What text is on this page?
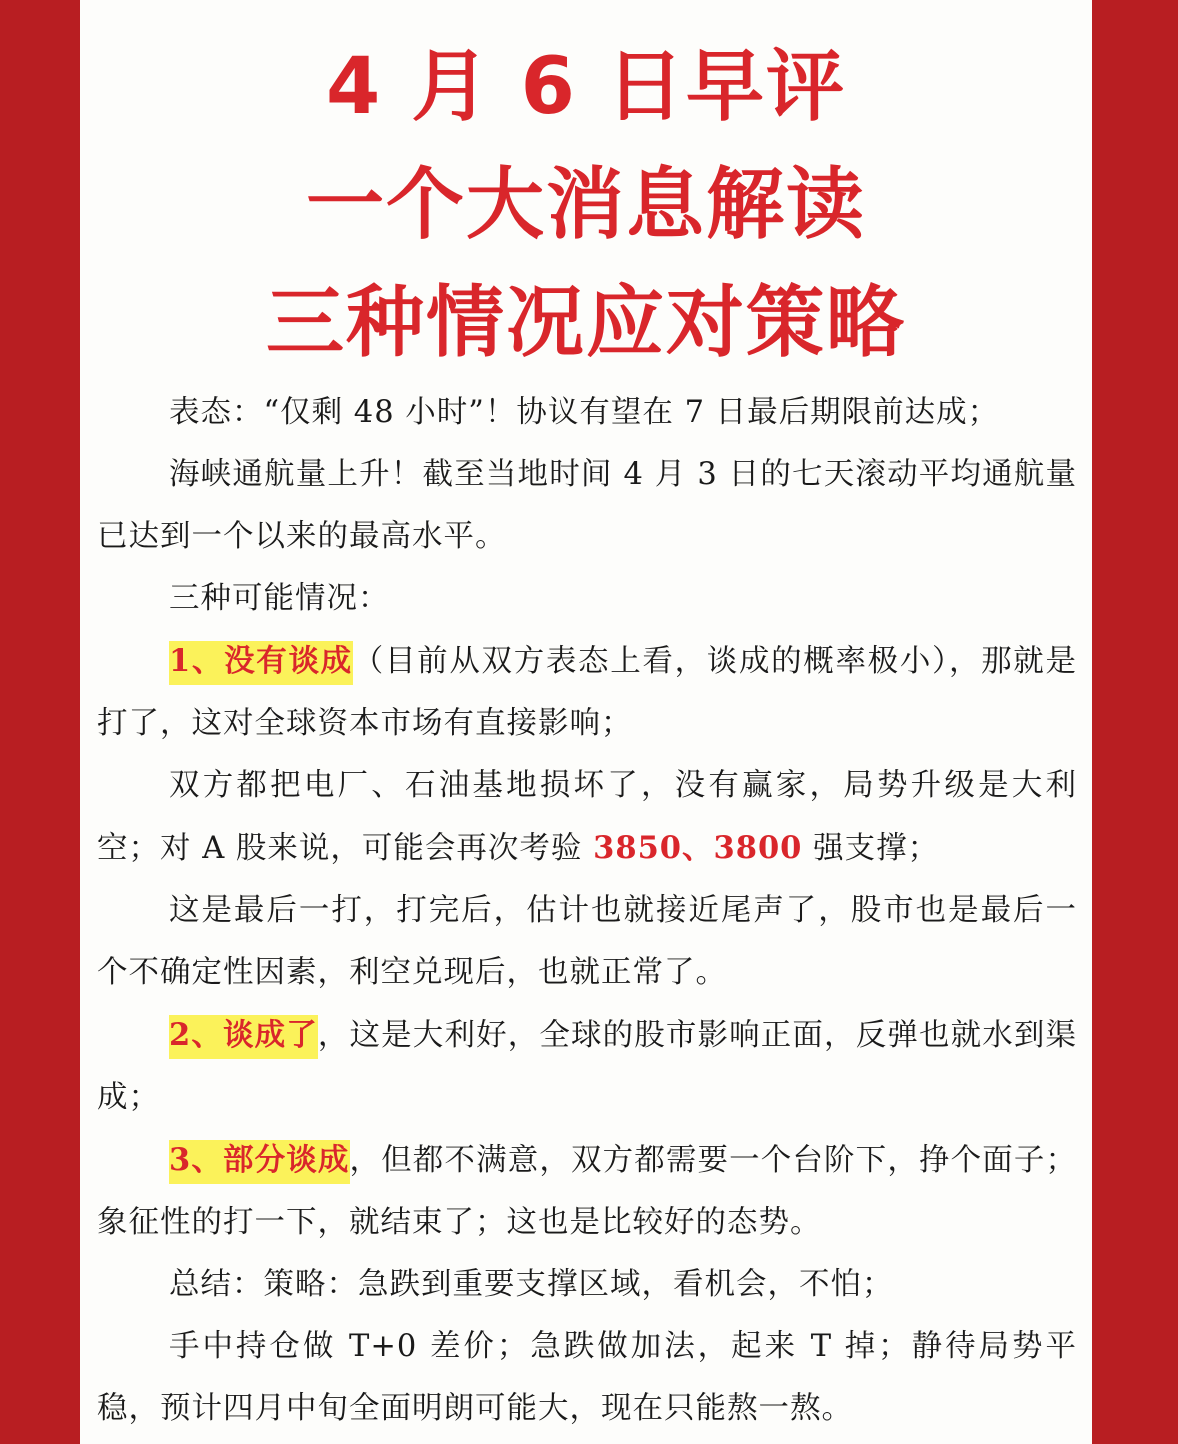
4 月 6 日早评
一个大消息解读
三种情况应对策略

表态：“仅剩 48 小时”！协议有望在 7 日最后期限前达成；

海峡通航量上升！截至当地时间 4 月 3 日的七天滚动平均通航量已达到一个以来的最高水平。

三种可能情况：

1、没有谈成（目前从双方表态上看，谈成的概率极小），那就是打了，这对全球资本市场有直接影响；

双方都把电厂、石油基地损坏了，没有赢家，局势升级是大利空；对 A 股来说，可能会再次考验 3850、3800 强支撑；

这是最后一打，打完后，估计也就接近尾声了，股市也是最后一个不确定性因素，利空兑现后，也就正常了。

2、谈成了，这是大利好，全球的股市影响正面，反弹也就水到渠成；

3、部分谈成，但都不满意，双方都需要一个台阶下，挣个面子；象征性的打一下，就结束了；这也是比较好的态势。

总结：策略：急跌到重要支撑区域，看机会，不怕；

手中持仓做 T+0 差价；急跌做加法，起来 T 掉；静待局势平稳，预计四月中旬全面明朗可能大，现在只能熬一熬。
